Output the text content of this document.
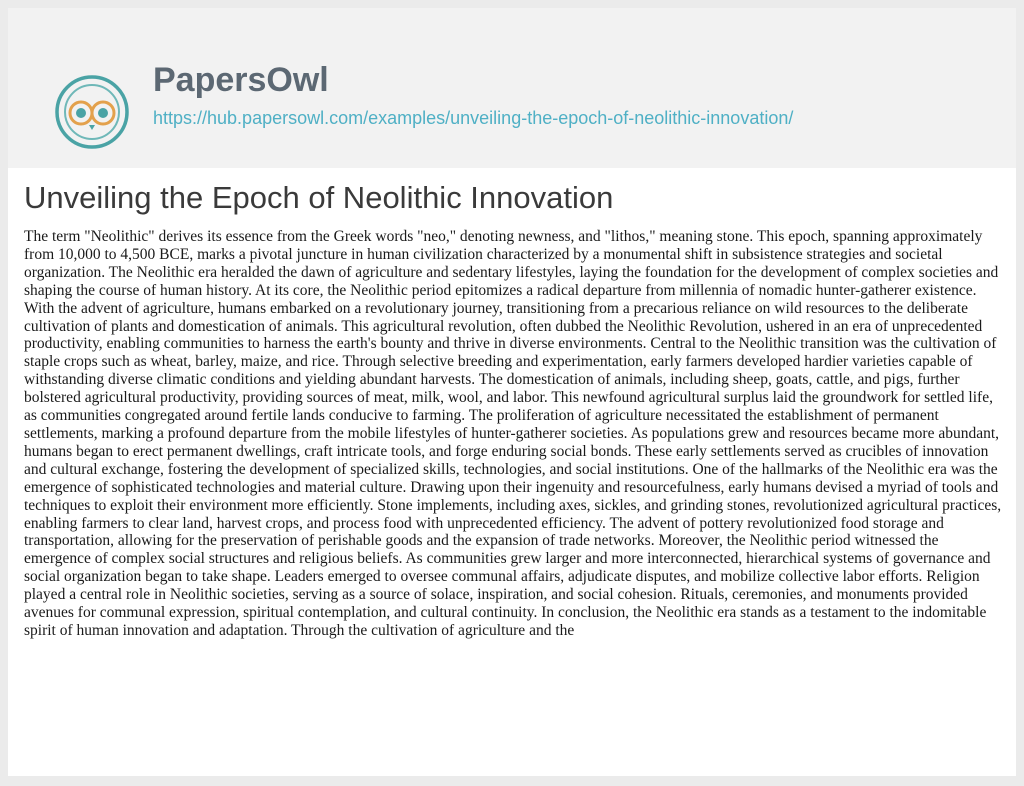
PapersOwl
https://hub.papersowl.com/examples/unveiling-the-epoch-of-neolithic-innovation/
Unveiling the Epoch of Neolithic Innovation

The term "Neolithic" derives its essence from the Greek words "neo," denoting newness, and "lithos," meaning stone. This epoch, spanning approximately from 10,000 to 4,500 BCE, marks a pivotal juncture in human civilization characterized by a monumental shift in subsistence strategies and societal organization. The Neolithic era heralded the dawn of agriculture and sedentary lifestyles, laying the foundation for the development of complex societies and shaping the course of human history. At its core, the Neolithic period epitomizes a radical departure from millennia of nomadic hunter-gatherer existence. With the advent of agriculture, humans embarked on a revolutionary journey, transitioning from a precarious reliance on wild resources to the deliberate cultivation of plants and domestication of animals. This agricultural revolution, often dubbed the Neolithic Revolution, ushered in an era of unprecedented productivity, enabling communities to harness the earth's bounty and thrive in diverse environments. Central to the Neolithic transition was the cultivation of staple crops such as wheat, barley, maize, and rice. Through selective breeding and experimentation, early farmers developed hardier varieties capable of withstanding diverse climatic conditions and yielding abundant harvests. The domestication of animals, including sheep, goats, cattle, and pigs, further bolstered agricultural productivity, providing sources of meat, milk, wool, and labor. This newfound agricultural surplus laid the groundwork for settled life, as communities congregated around fertile lands conducive to farming. The proliferation of agriculture necessitated the establishment of permanent settlements, marking a profound departure from the mobile lifestyles of hunter-gatherer societies. As populations grew and resources became more abundant, humans began to erect permanent dwellings, craft intricate tools, and forge enduring social bonds. These early settlements served as crucibles of innovation and cultural exchange, fostering the development of specialized skills, technologies, and social institutions. One of the hallmarks of the Neolithic era was the emergence of sophisticated technologies and material culture. Drawing upon their ingenuity and resourcefulness, early humans devised a myriad of tools and techniques to exploit their environment more efficiently. Stone implements, including axes, sickles, and grinding stones, revolutionized agricultural practices, enabling farmers to clear land, harvest crops, and process food with unprecedented efficiency. The advent of pottery revolutionized food storage and transportation, allowing for the preservation of perishable goods and the expansion of trade networks. Moreover, the Neolithic period witnessed the emergence of complex social structures and religious beliefs. As communities grew larger and more interconnected, hierarchical systems of governance and social organization began to take shape. Leaders emerged to oversee communal affairs, adjudicate disputes, and mobilize collective labor efforts. Religion played a central role in Neolithic societies, serving as a source of solace, inspiration, and social cohesion. Rituals, ceremonies, and monuments provided avenues for communal expression, spiritual contemplation, and cultural continuity. In conclusion, the Neolithic era stands as a testament to the indomitable spirit of human innovation and adaptation. Through the cultivation of agriculture and the
